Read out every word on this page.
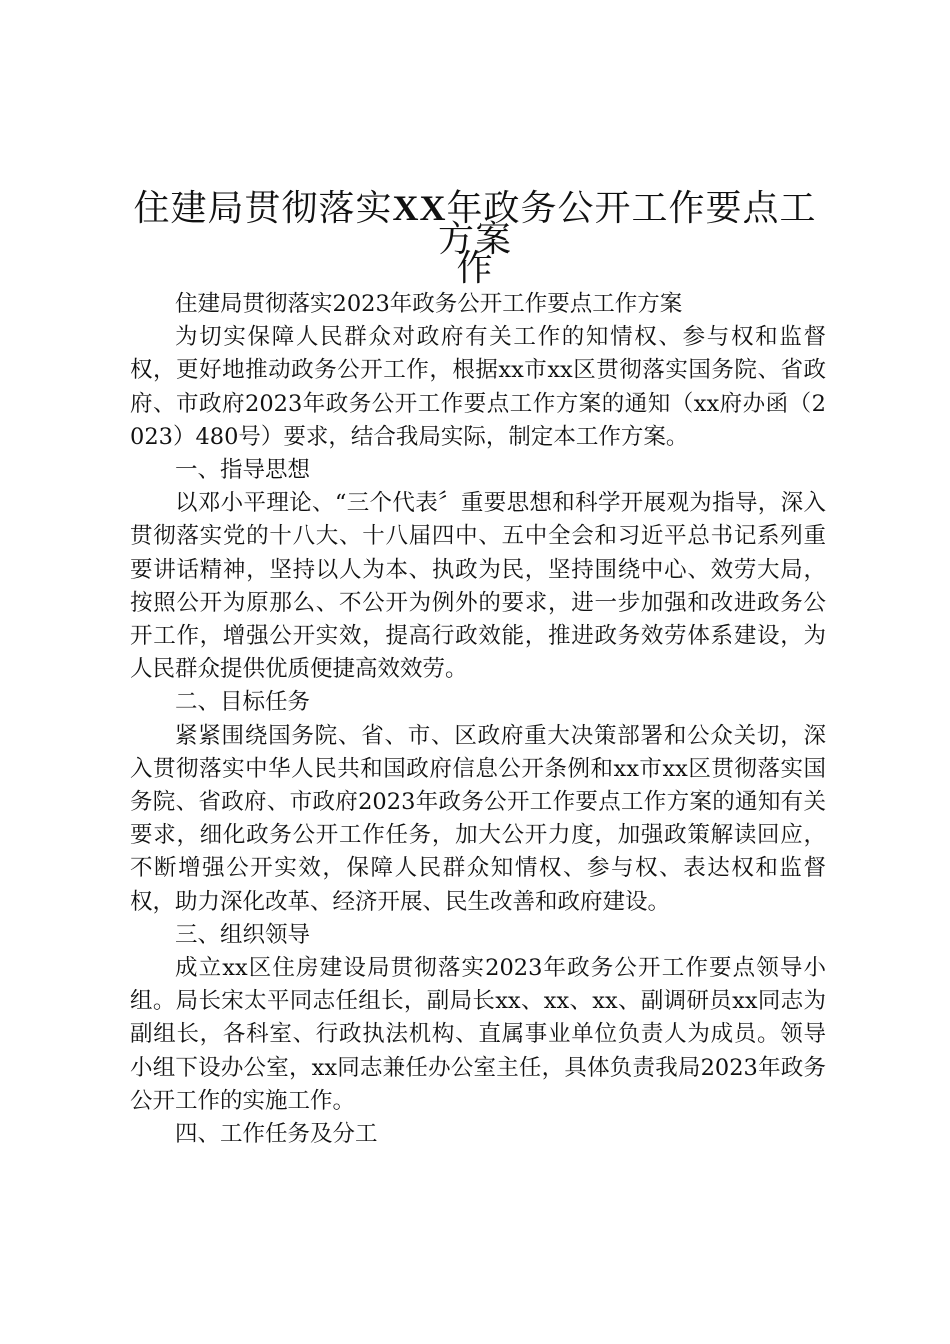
住建局贯彻落实XX年政务公开工作要点工作
方案

住建局贯彻落实2023年政务公开工作要点工作方案

为切实保障人民群众对政府有关工作的知情权、参与权和监督权，更好地推动政务公开工作，根据xx市xx区贯彻落实国务院、省政府、市政府2023年政务公开工作要点工作方案的通知（xx府办函（2023）480号）要求，结合我局实际，制定本工作方案。

一、指导思想

以邓小平理论、“三个代表〞重要思想和科学开展观为指导，深入贯彻落实党的十八大、十八届四中、五中全会和习近平总书记系列重要讲话精神，坚持以人为本、执政为民，坚持围绕中心、效劳大局，按照公开为原那么、不公开为例外的要求，进一步加强和改进政务公开工作，增强公开实效，提高行政效能，推进政务效劳体系建设，为人民群众提供优质便捷高效效劳。

二、目标任务

紧紧围绕国务院、省、市、区政府重大决策部署和公众关切，深入贯彻落实中华人民共和国政府信息公开条例和xx市xx区贯彻落实国务院、省政府、市政府2023年政务公开工作要点工作方案的通知有关要求，细化政务公开工作任务，加大公开力度，加强政策解读回应，不断增强公开实效，保障人民群众知情权、参与权、表达权和监督权，助力深化改革、经济开展、民生改善和政府建设。

三、组织领导

成立xx区住房建设局贯彻落实2023年政务公开工作要点领导小组。局长宋太平同志任组长，副局长xx、xx、xx、副调研员xx同志为副组长，各科室、行政执法机构、直属事业单位负责人为成员。领导小组下设办公室，xx同志兼任办公室主任，具体负责我局2023年政务公开工作的实施工作。

四、工作任务及分工
